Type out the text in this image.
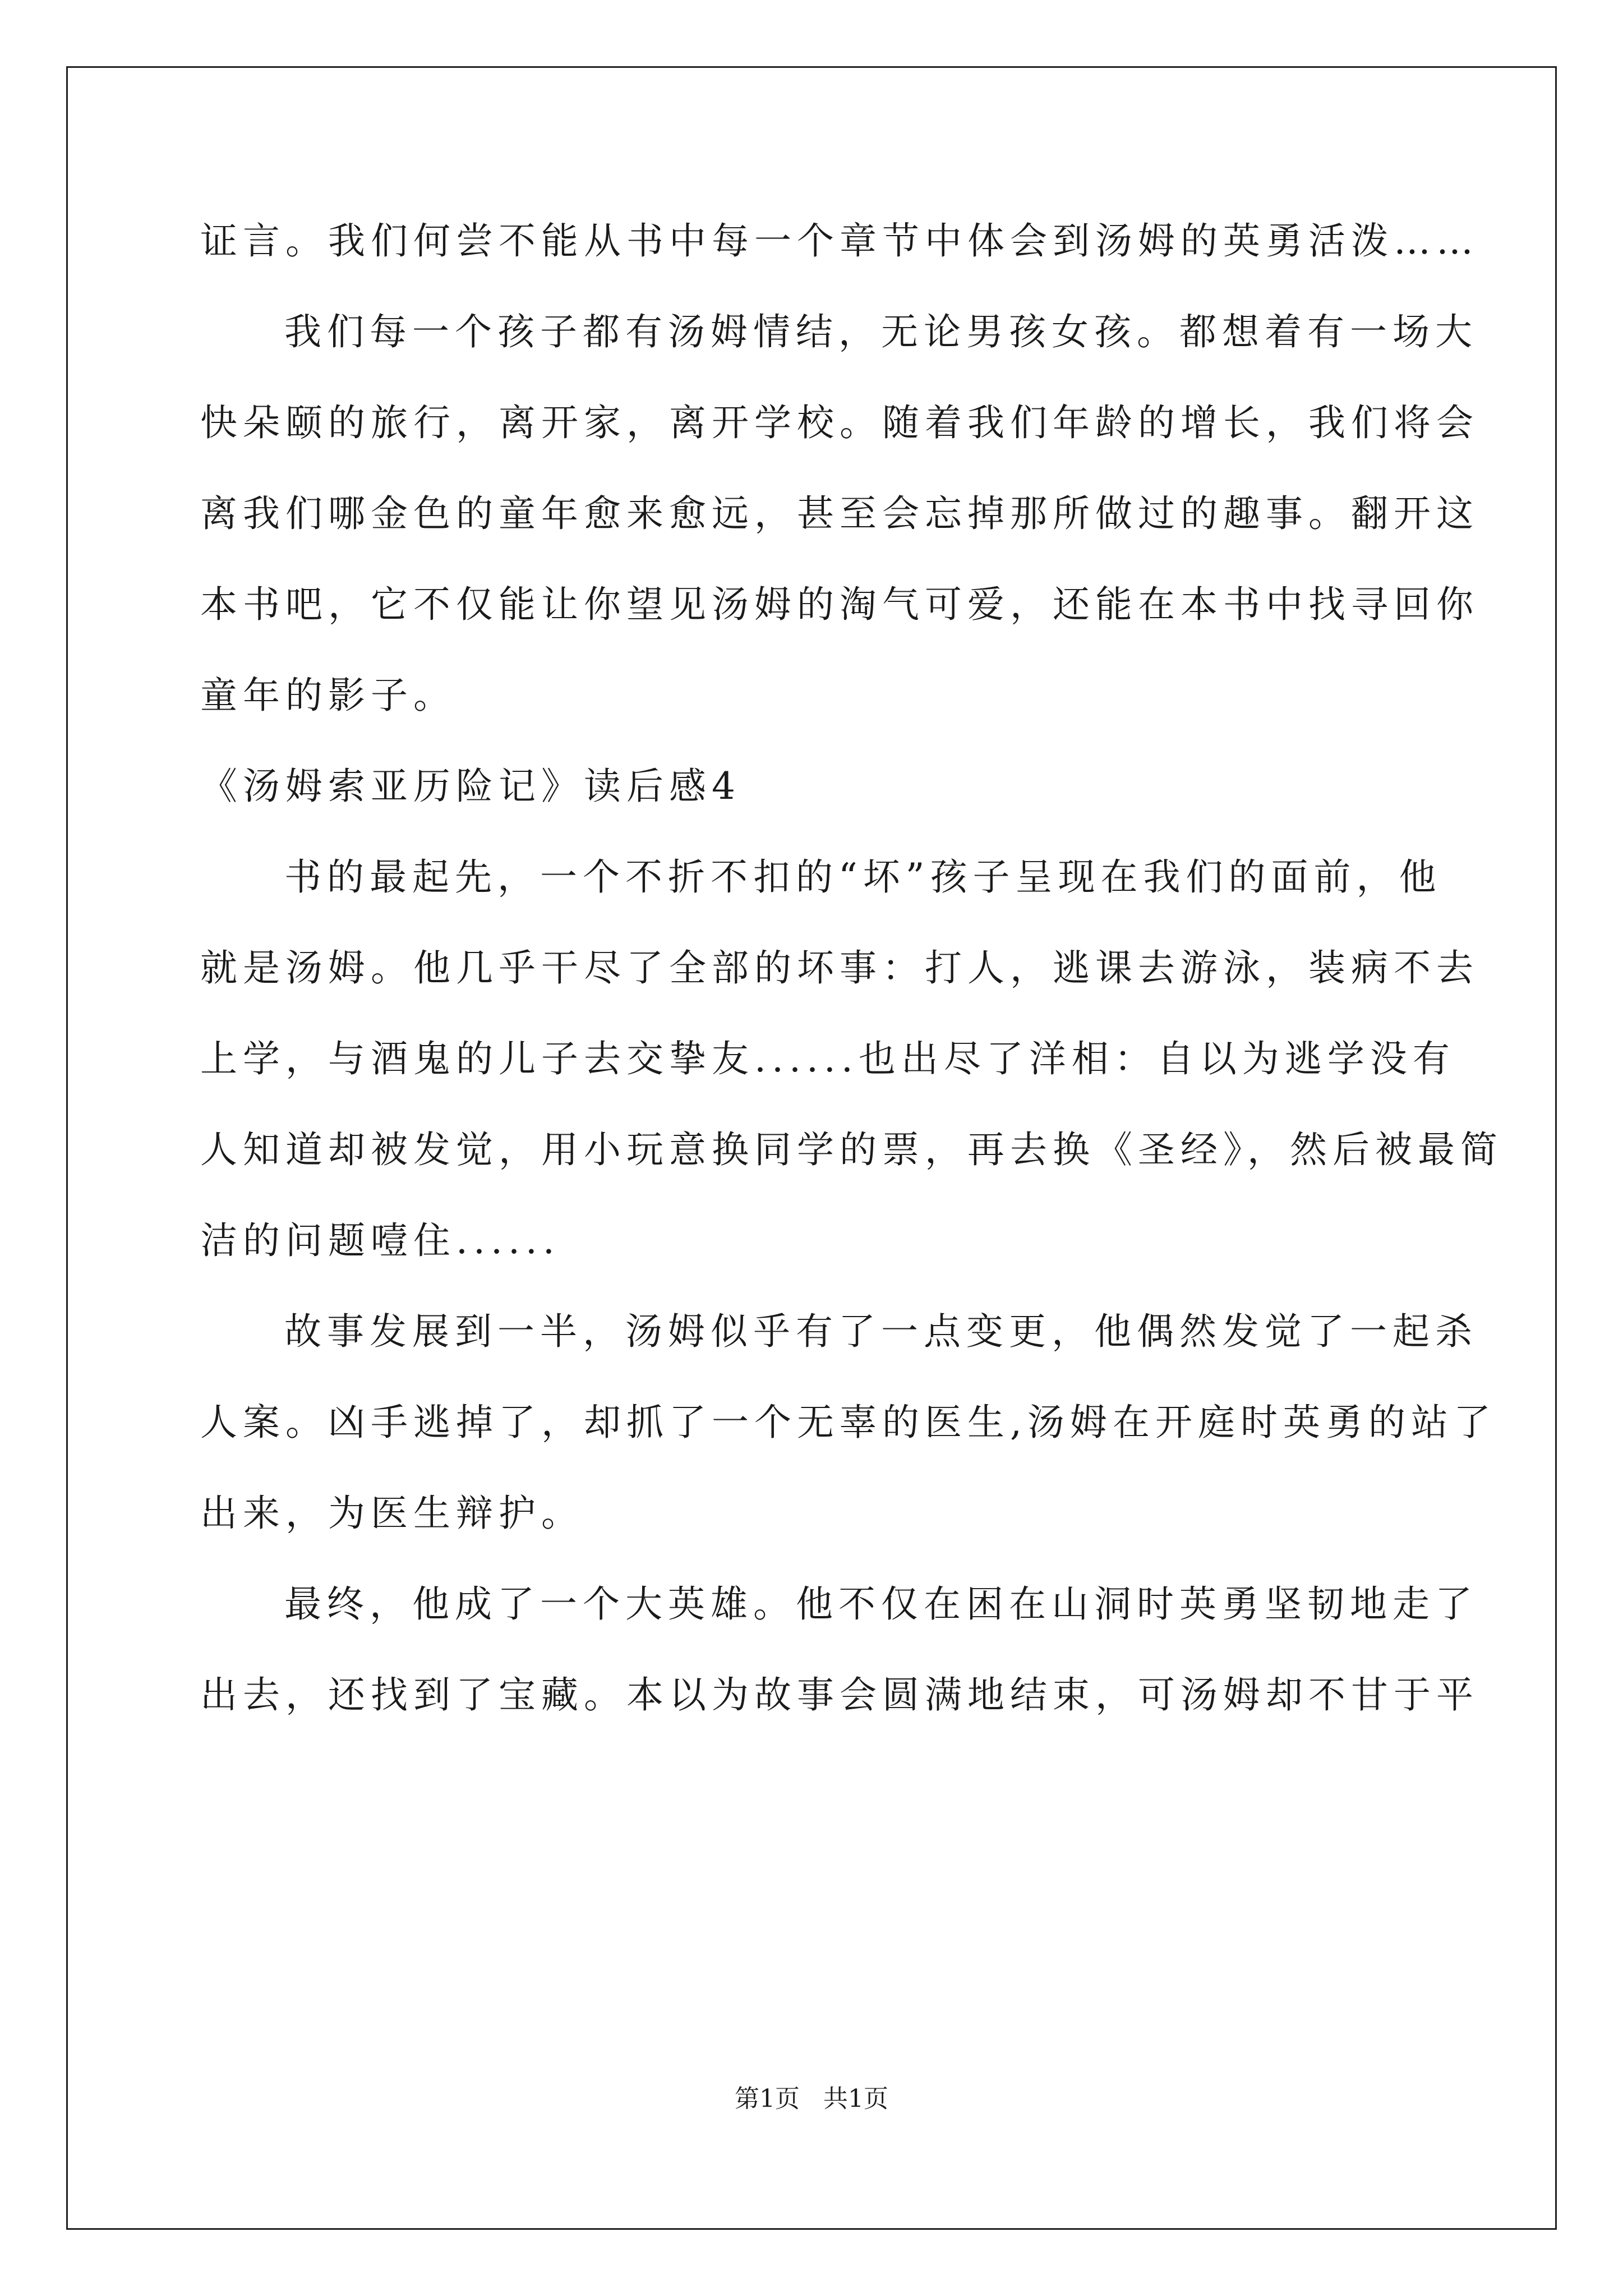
证言。我们何尝不能从书中每一个章节中体会到汤姆的英勇活泼……
我们每一个孩子都有汤姆情结，无论男孩女孩。都想着有一场大
快朵颐的旅行，离开家，离开学校。随着我们年龄的增长，我们将会
离我们哪金色的童年愈来愈远，甚至会忘掉那所做过的趣事。翻开这
本书吧，它不仅能让你望见汤姆的淘气可爱，还能在本书中找寻回你
童年的影子。
《汤姆索亚历险记》读后感4
书的最起先，一个不折不扣的“坏”孩子呈现在我们的面前，他
就是汤姆。他几乎干尽了全部的坏事：打人，逃课去游泳，装病不去
上学，与酒鬼的儿子去交挚友......也出尽了洋相：自以为逃学没有
人知道却被发觉，用小玩意换同学的票，再去换《圣经》，然后被最简
洁的问题噎住......
故事发展到一半，汤姆似乎有了一点变更，他偶然发觉了一起杀
人案。凶手逃掉了，却抓了一个无辜的医生,汤姆在开庭时英勇的站了
出来，为医生辩护。
最终，他成了一个大英雄。他不仅在困在山洞时英勇坚韧地走了
出去，还找到了宝藏。本以为故事会圆满地结束，可汤姆却不甘于平
第1页   共1页
